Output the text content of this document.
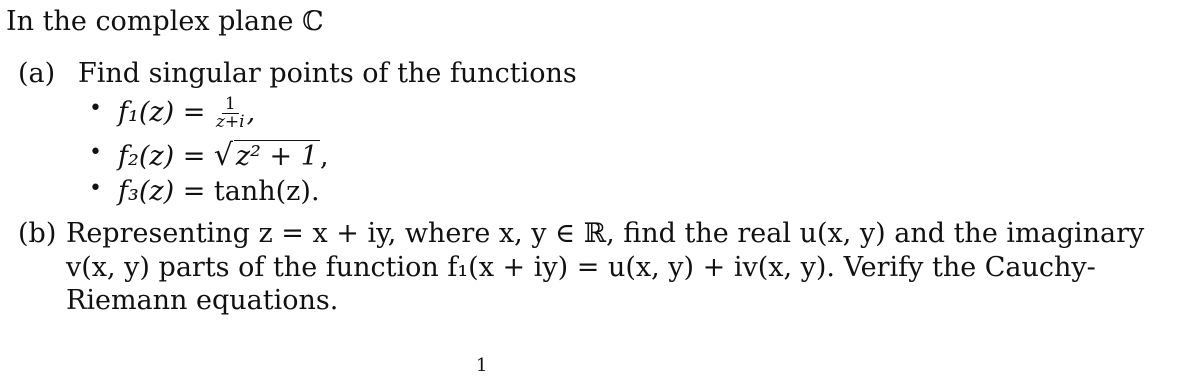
In the complex plane ℂ
(a) Find singular points of the functions
• $f_1(z) = \frac{1}{z+i}$ ,
• f₂(z) = √ z² + 1,
• f₃(z) = tanh(z).
(b) Representing z = x + iy, where x, y ∈ ℝ, find the real u(x, y) and the imaginary
v(x, y) parts of the function f₁(x + iy) = u(x, y) + iv(x, y). Verify the Cauchy-
Riemann equations.
1
